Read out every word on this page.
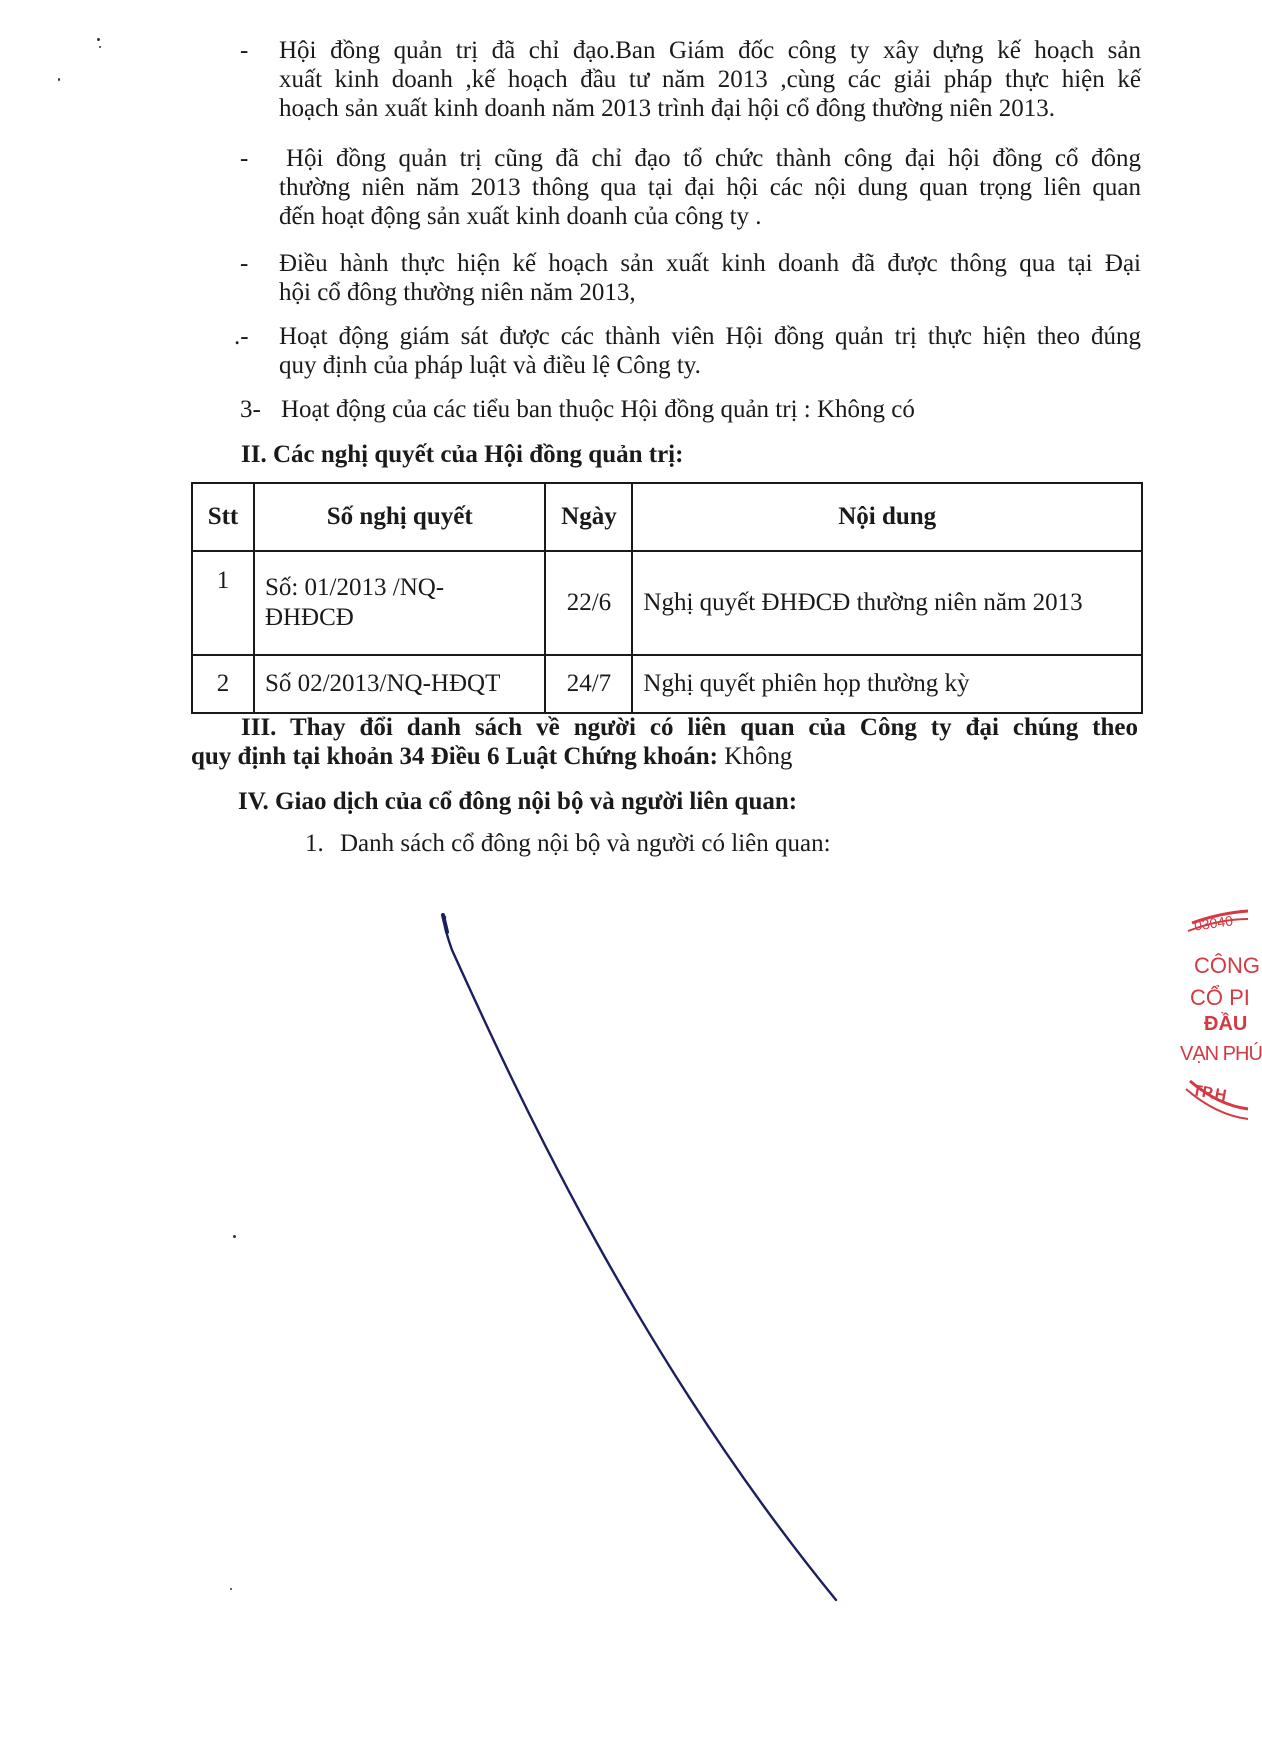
- Hội đồng quản trị đã chỉ đạo.Ban Giám đốc công ty xây dựng kế hoạch sản
xuất kinh doanh ,kế hoạch đầu tư năm 2013 ,cùng các giải pháp thực hiện kế
hoạch sản xuất kinh doanh năm 2013 trình đại hội cổ đông thường niên 2013.
- Hội đồng quản trị cũng đã chỉ đạo tổ chức thành công đại hội đồng cổ đông
thường niên năm 2013 thông qua tại đại hội các nội dung quan trọng liên quan
đến hoạt động sản xuất kinh doanh của công ty .
- Điều hành thực hiện kế hoạch sản xuất kinh doanh đã được thông qua tại Đại
hội cổ đông thường niên năm 2013,
.- Hoạt động giám sát được các thành viên Hội đồng quản trị thực hiện theo đúng
quy định của pháp luật và điều lệ Công ty.
3- Hoạt động của các tiểu ban thuộc Hội đồng quản trị : Không có
II. Các nghị quyết của Hội đồng quản trị:
Stt	Số nghị quyết	Ngày	Nội dung
1	Số: 01/2013 /NQ-ĐHĐCĐ	22/6	Nghị quyết ĐHĐCĐ thường niên năm 2013
2	Số 02/2013/NQ-HĐQT	24/7	Nghị quyết phiên họp thường kỳ
III. Thay đổi danh sách về người có liên quan của Công ty đại chúng theo
quy định tại khoản 34 Điều 6 Luật Chứng khoán: Không
IV. Giao dịch của cổ đông nội bộ và người liên quan:
1. Danh sách cổ đông nội bộ và người có liên quan:
03040
CÔNG
CỔ PI
ĐẦU
VẠN PHÚ
TP.H
